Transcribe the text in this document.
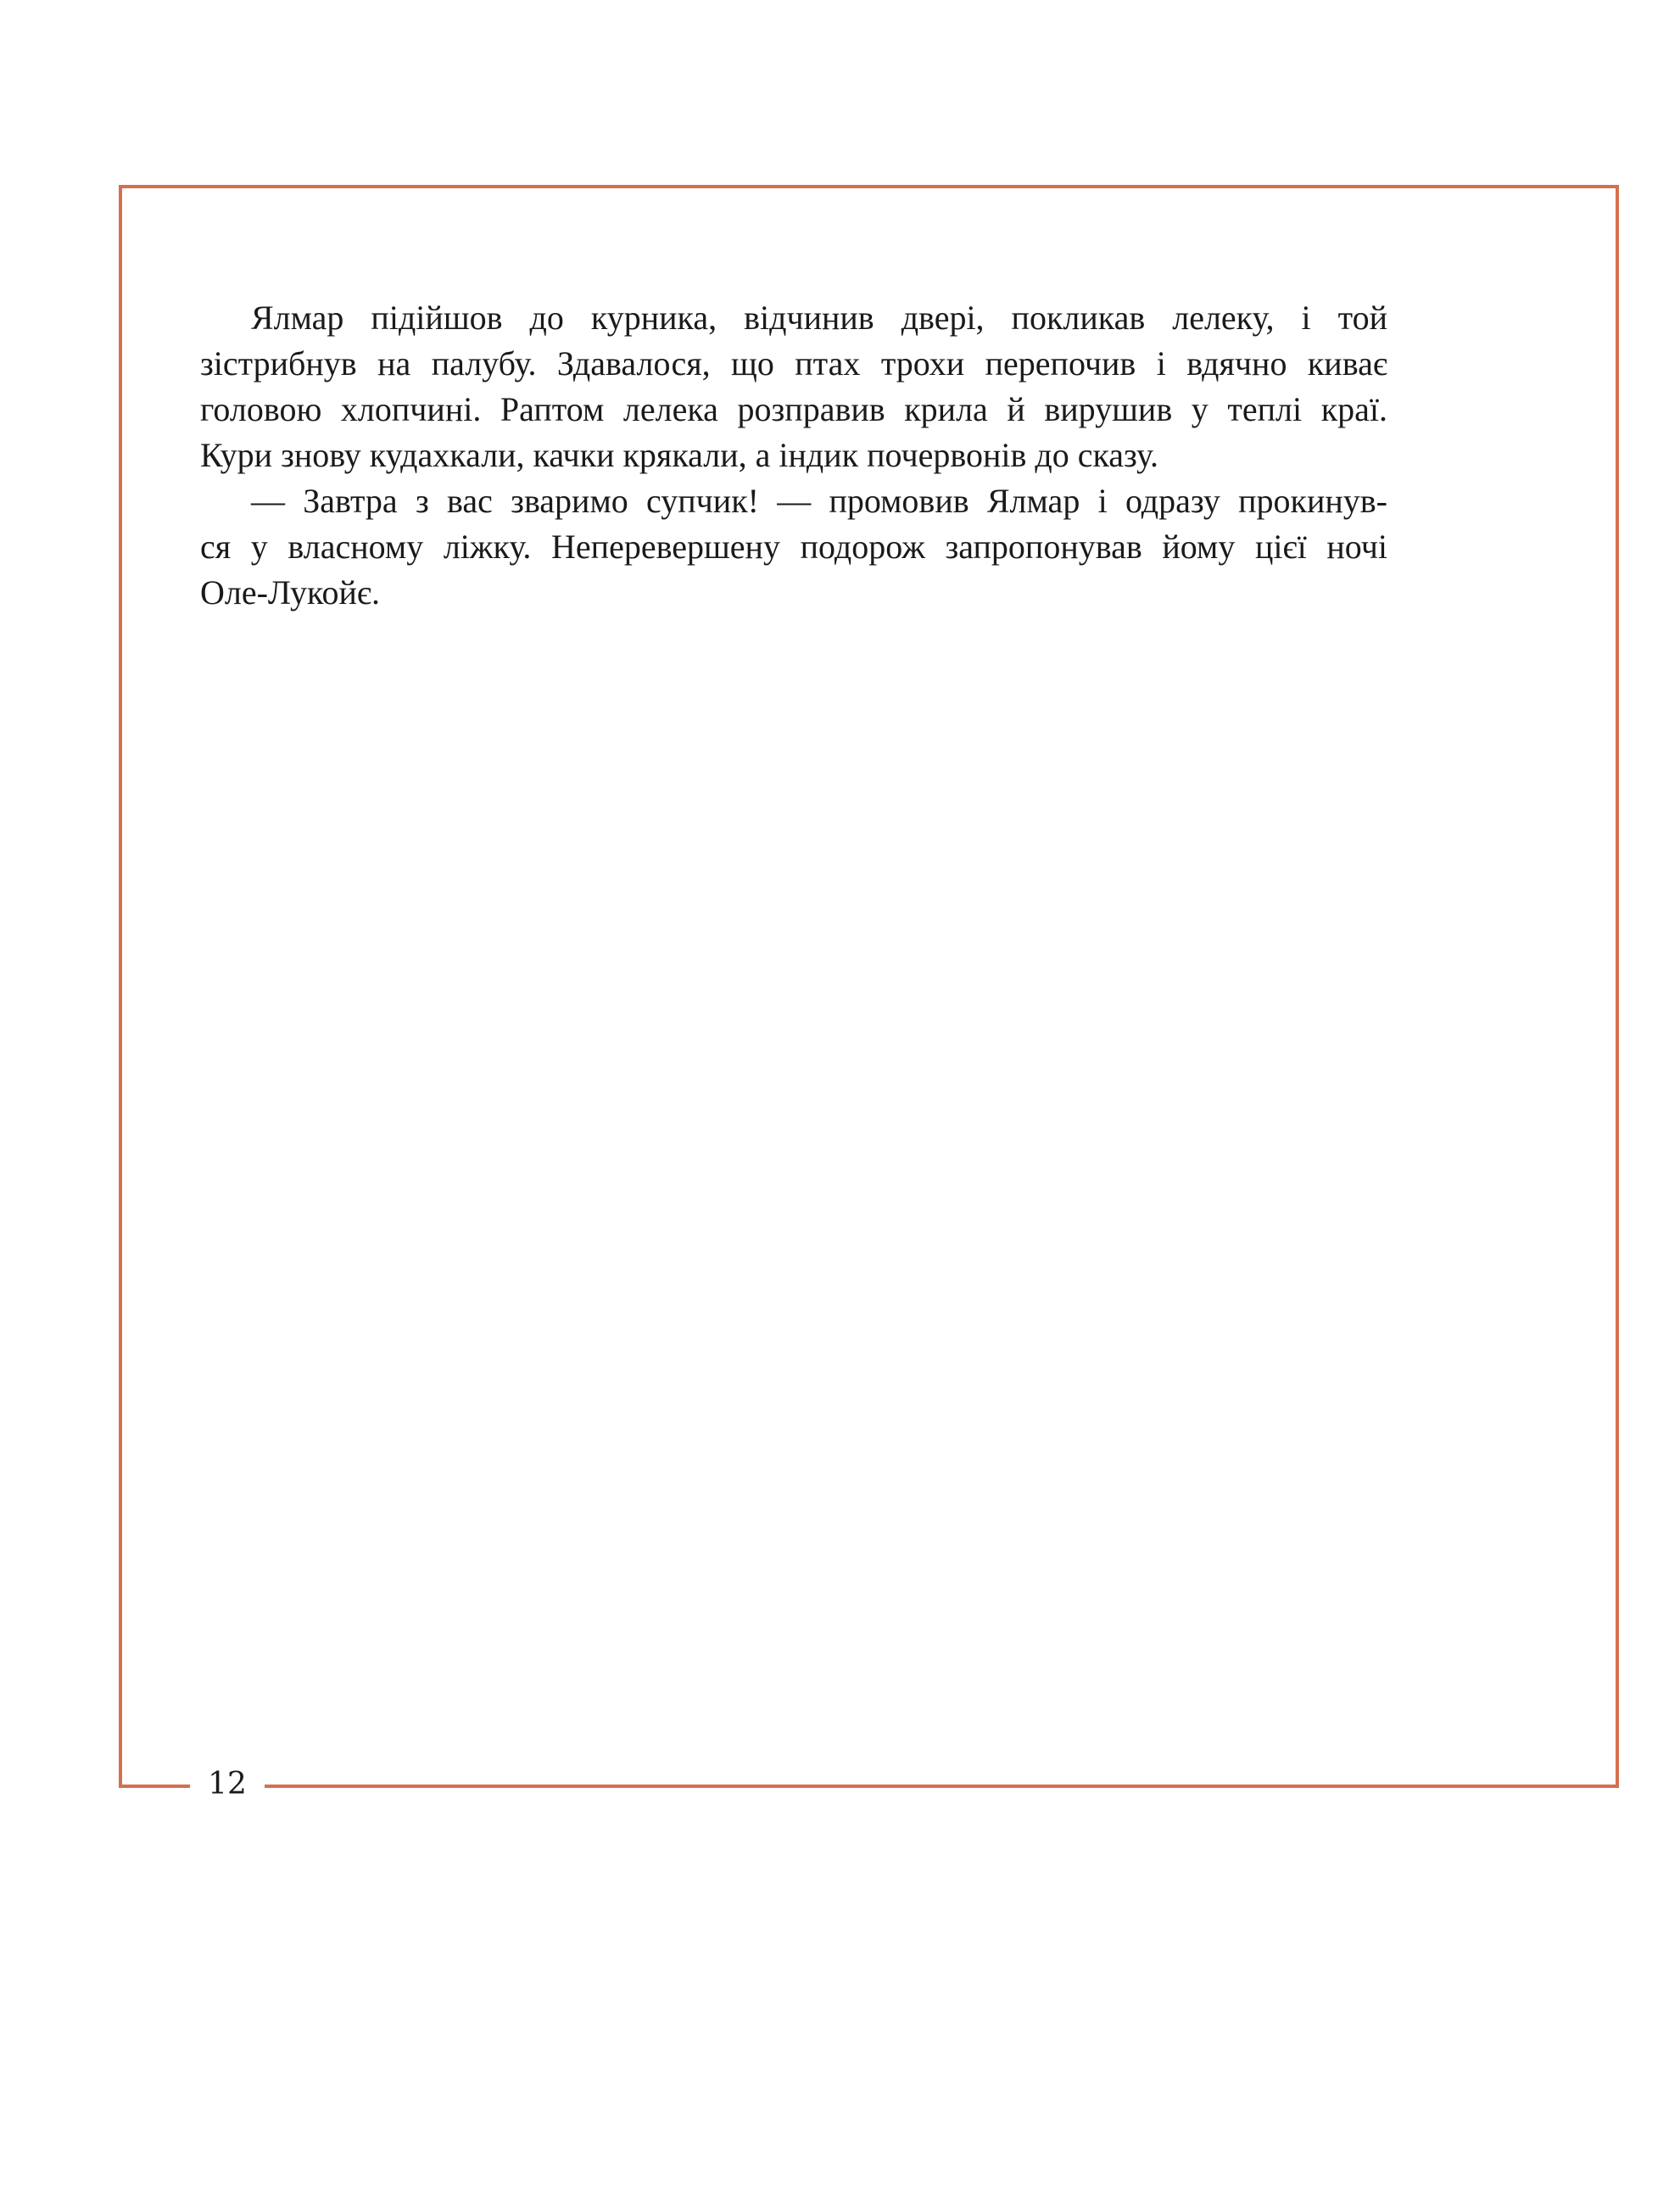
Ялмар підійшов до курника, відчинив двері, покликав лелеку, і той
зістрибнув на палубу. Здавалося, що птах трохи перепочив і вдячно киває
головою хлопчині. Раптом лелека розправив крила й вирушив у теплі краї.
Кури знову кудахкали, качки крякали, а індик почервонів до сказу.
— Завтра з вас зваримо супчик! — промовив Ялмар і одразу прокинув-
ся у власному ліжку. Неперевершену подорож запропонував йому цієї ночі
Оле-Лукойє.
12
